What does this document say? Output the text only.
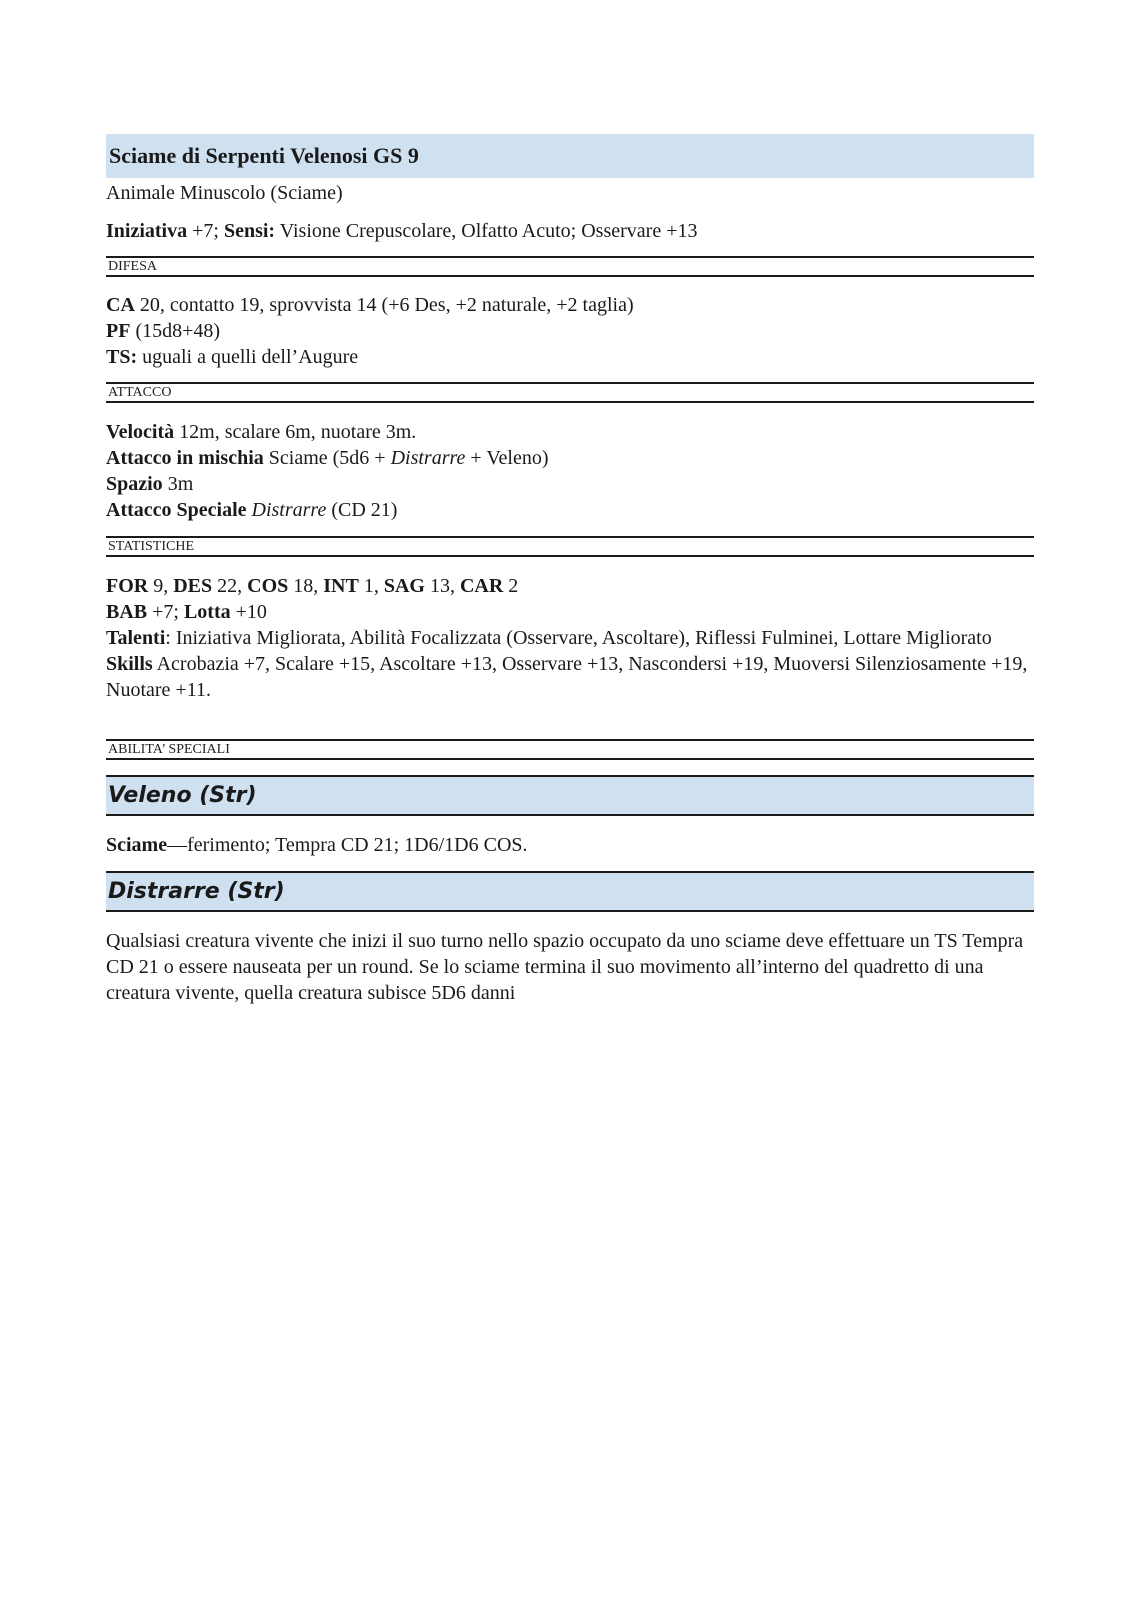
Sciame di Serpenti Velenosi GS 9
Animale Minuscolo (Sciame)
Iniziativa +7; Sensi: Visione Crepuscolare, Olfatto Acuto; Osservare +13
DIFESA
CA 20, contatto 19, sprovvista 14 (+6 Des, +2 naturale, +2 taglia)
PF (15d8+48)
TS: uguali a quelli dell’Augure
ATTACCO
Velocità 12m, scalare 6m, nuotare 3m.
Attacco in mischia Sciame (5d6 + Distrarre + Veleno)
Spazio 3m
Attacco Speciale Distrarre (CD 21)
STATISTICHE
FOR 9, DES 22, COS 18, INT 1, SAG 13, CAR 2
BAB +7; Lotta +10
Talenti: Iniziativa Migliorata, Abilità Focalizzata (Osservare, Ascoltare), Riflessi Fulminei, Lottare Migliorato
Skills Acrobazia +7, Scalare +15, Ascoltare +13, Osservare +13, Nascondersi +19, Muoversi Silenziosamente +19, Nuotare +11.
ABILITA’ SPECIALI
Veleno (Str)
Sciame—ferimento; Tempra CD 21; 1D6/1D6 COS.
Distrarre (Str)
Qualsiasi creatura vivente che inizi il suo turno nello spazio occupato da uno sciame deve effettuare un TS Tempra CD 21 o essere nauseata per un round. Se lo sciame termina il suo movimento all’interno del quadretto di una creatura vivente, quella creatura subisce 5D6 danni
